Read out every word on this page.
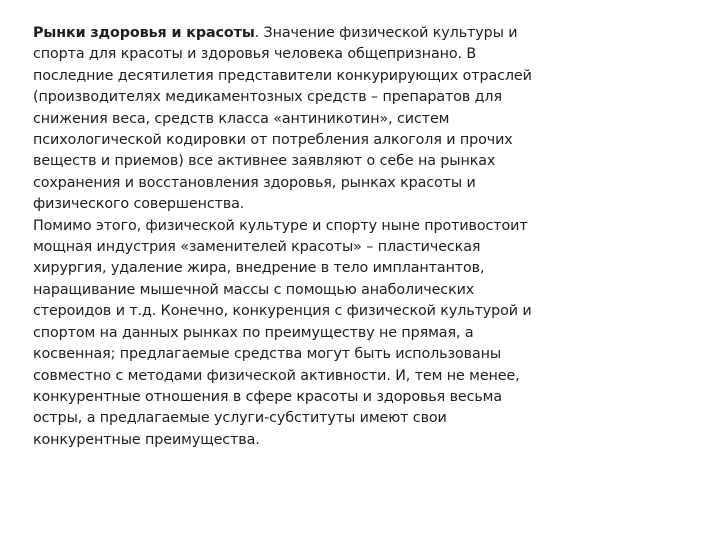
Рынки здоровья и красоты. Значение физической культуры и
спорта для красоты и здоровья человека общепризнано. В
последние десятилетия представители конкурирующих отраслей
(производителях медикаментозных средств – препаратов для
снижения веса, средств класса «антиникотин», систем
психологической кодировки от потребления алкоголя и прочих
веществ и приемов) все активнее заявляют о себе на рынках
сохранения и восстановления здоровья, рынках красоты и
физического совершенства.
Помимо этого, физической культуре и спорту ныне противостоит
мощная индустрия «заменителей красоты» – пластическая
хирургия, удаление жира, внедрение в тело имплантантов,
наращивание мышечной массы с помощью анаболических
стероидов и т.д. Конечно, конкуренция с физической культурой и
спортом на данных рынках по преимуществу не прямая, а
косвенная; предлагаемые средства могут быть использованы
совместно с методами физической активности. И, тем не менее,
конкурентные отношения в сфере красоты и здоровья весьма
остры, а предлагаемые услуги-субституты имеют свои
конкурентные преимущества.
